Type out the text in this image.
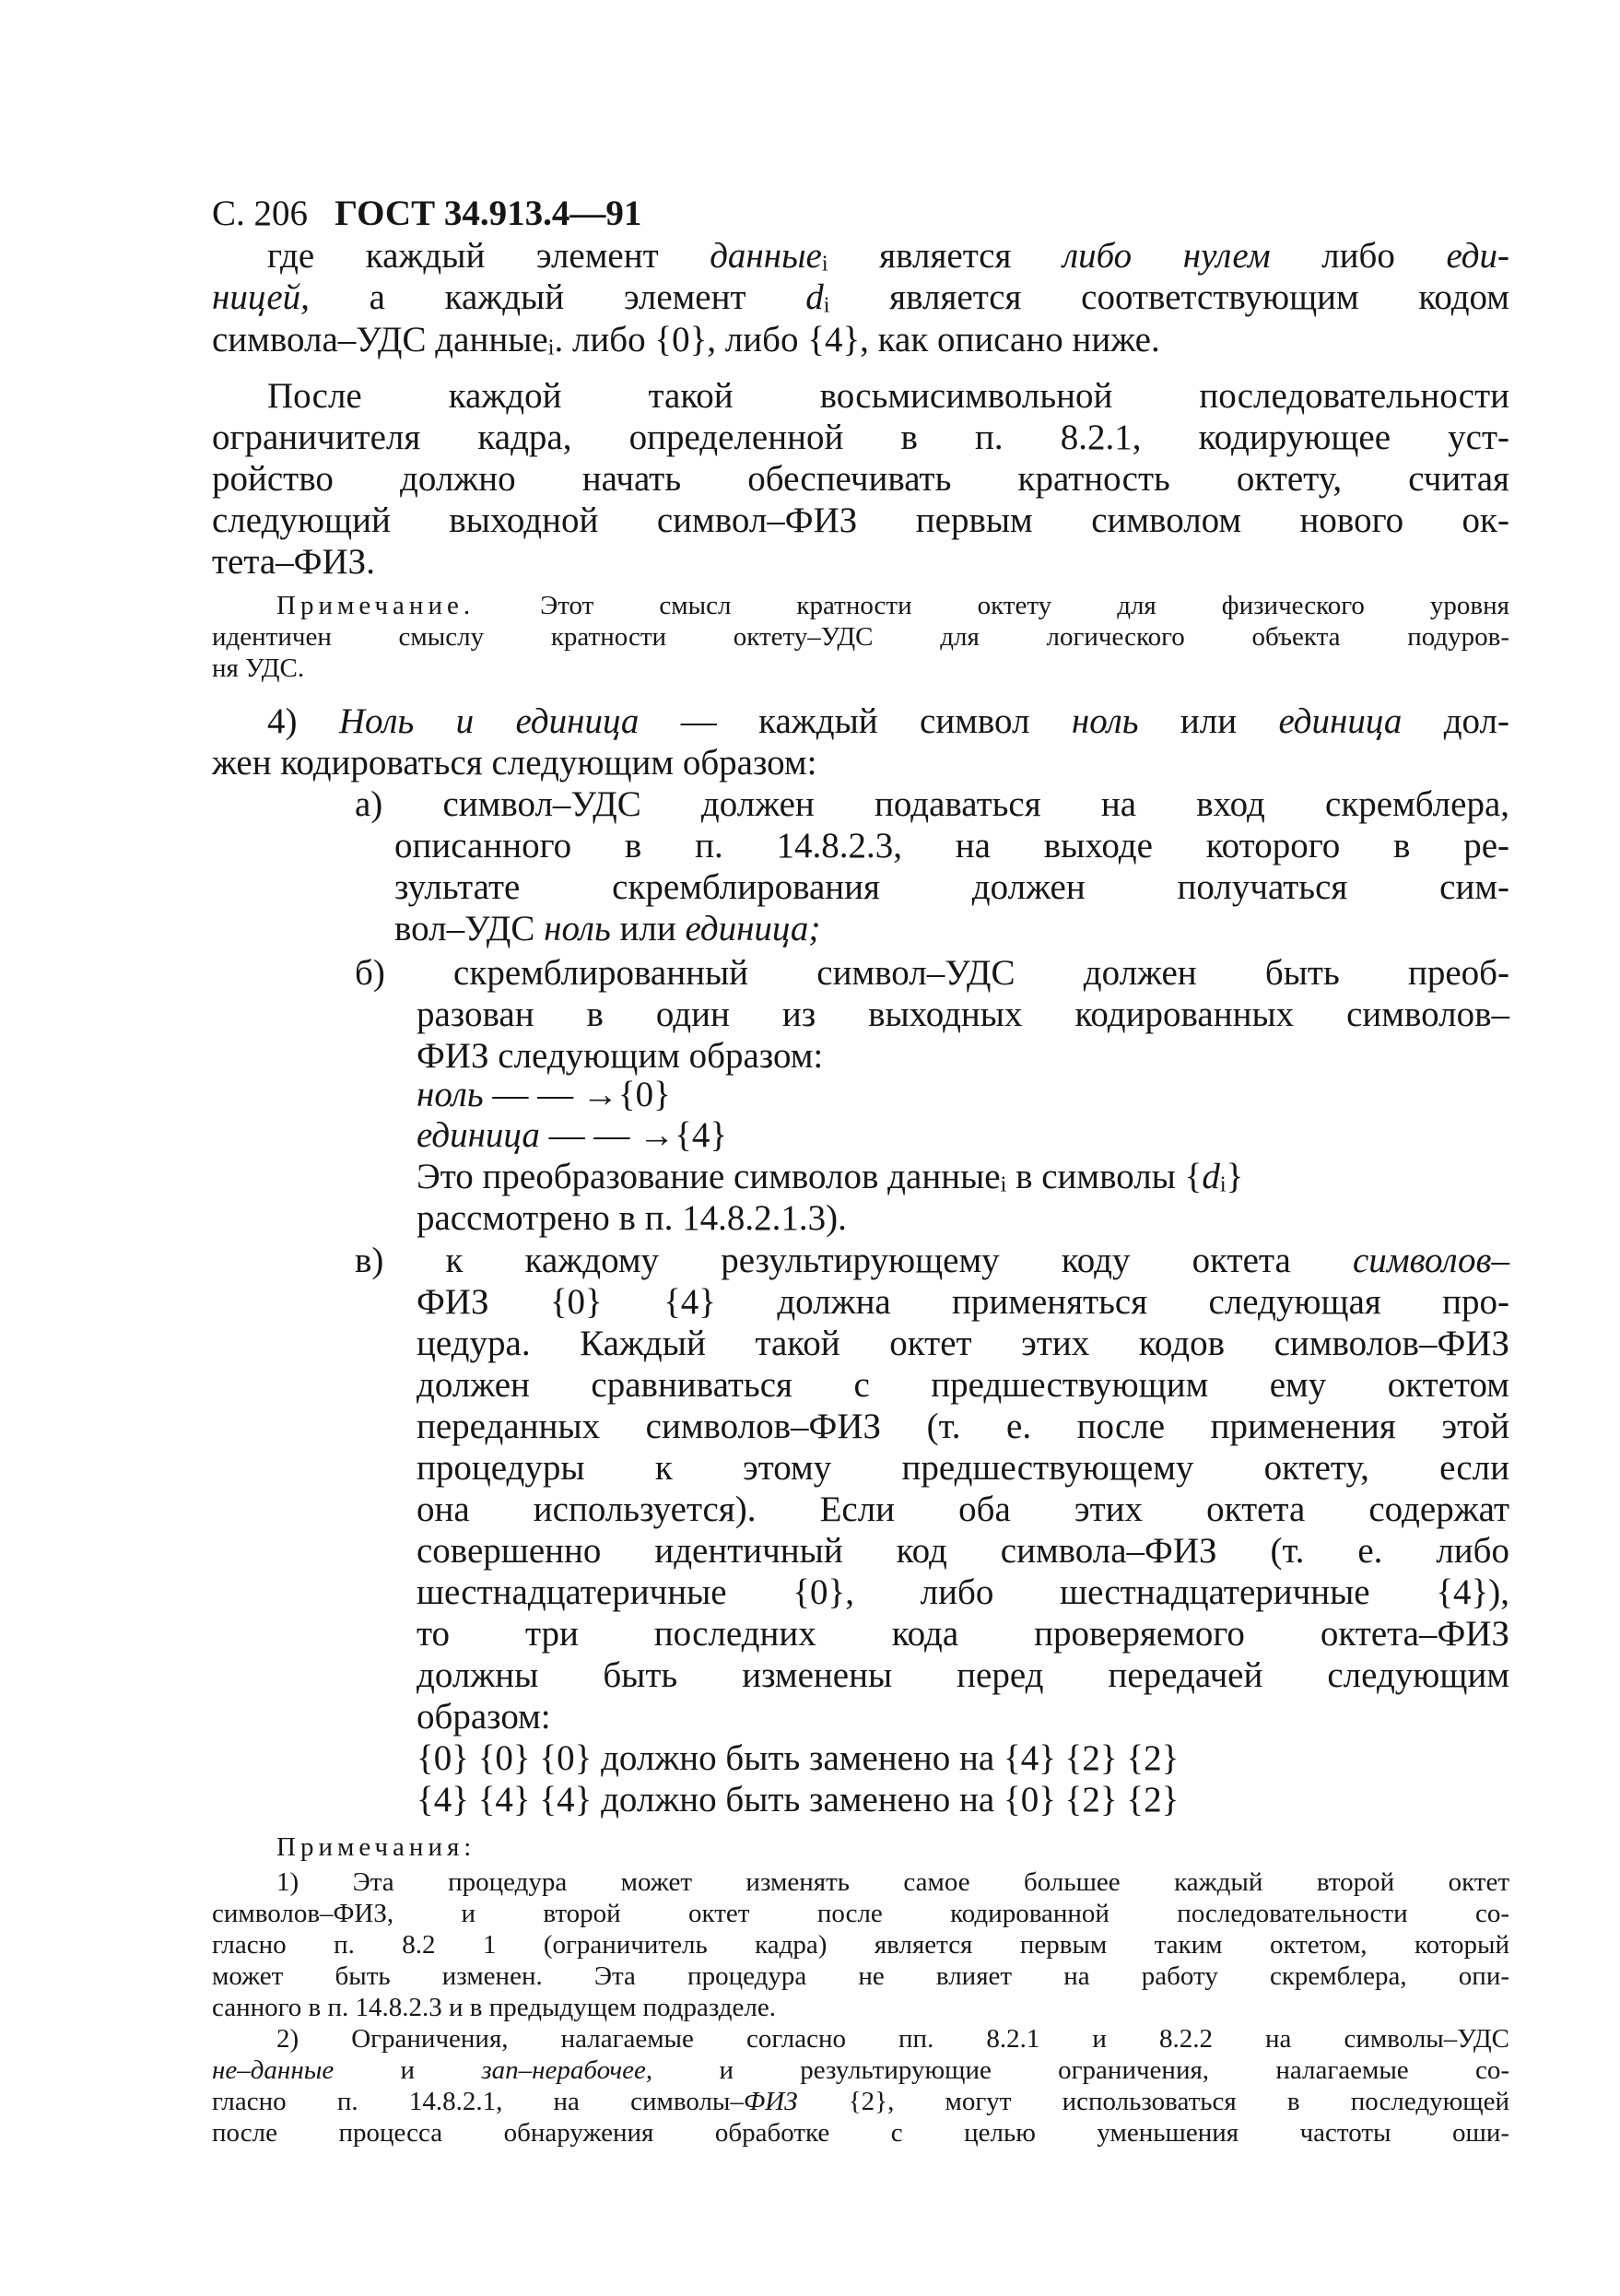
С. 206 ГОСТ 34.913.4—91
где каждый элемент данные$_i$ является либо нулем либо еди-
ницей, а каждый элемент $d_i$ является соответствующим кодом
символа–УДС данные$_i$. либо {0}, либо {4}, как описано ниже.
После каждой такой восьмисимвольной последовательности
ограничителя кадра, определенной в п. 8.2.1, кодирующее уст-
ройство должно начать обеспечивать кратность октету, считая
следующий выходной символ–ФИЗ первым символом нового ок-
тета–ФИЗ.
Примечание. Этот смысл кратности октету для физического уровня
идентичен смыслу кратности октету–УДС для логического объекта подуров-
ня УДС.
4) Ноль и единица — каждый символ ноль или единица дол-
жен кодироваться следующим образом:
а) символ–УДС должен подаваться на вход скремблера,
описанного в п. 14.8.2.3, на выходе которого в ре-
зультате скремблирования должен получаться сим-
вол–УДС ноль или единица;
б) скремблированный символ–УДС должен быть преоб-
разован в один из выходных кодированных символов–
ФИЗ следующим образом:
ноль — — →{0}
единица — — →{4}
Это преобразование символов данные$_i$ в символы $\{d_i\}$
рассмотрено в п. 14.8.2.1.3).
в) к каждому результирующему коду октета символов–
ФИЗ {0} {4} должна применяться следующая про-
цедура. Каждый такой октет этих кодов символов–ФИЗ
должен сравниваться с предшествующим ему октетом
переданных символов–ФИЗ (т. е. после применения этой
процедуры к этому предшествующему октету, если
она используется). Если оба этих октета содержат
совершенно идентичный код символа–ФИЗ (т. е. либо
шестнадцатеричные {0}, либо шестнадцатеричные {4}),
то три последних кода проверяемого октета–ФИЗ
должны быть изменены перед передачей следующим
образом:
{0} {0} {0} должно быть заменено на {4} {2} {2}
{4} {4} {4} должно быть заменено на {0} {2} {2}
Примечания:
1) Эта процедура может изменять самое большее каждый второй октет
символов–ФИЗ, и второй октет после кодированной последовательности со-
гласно п. 8.2 1 (ограничитель кадра) является первым таким октетом, который
может быть изменен. Эта процедура не влияет на работу скремблера, опи-
санного в п. 14.8.2.3 и в предыдущем подразделе.
2) Ограничения, налагаемые согласно пп. 8.2.1 и 8.2.2 на символы–УДС
не–данные и зап–нерабочее, и результирующие ограничения, налагаемые со-
гласно п. 14.8.2.1, на символы–ФИЗ {2}, могут использоваться в последующей
после процесса обнаружения обработке с целью уменьшения частоты оши-
